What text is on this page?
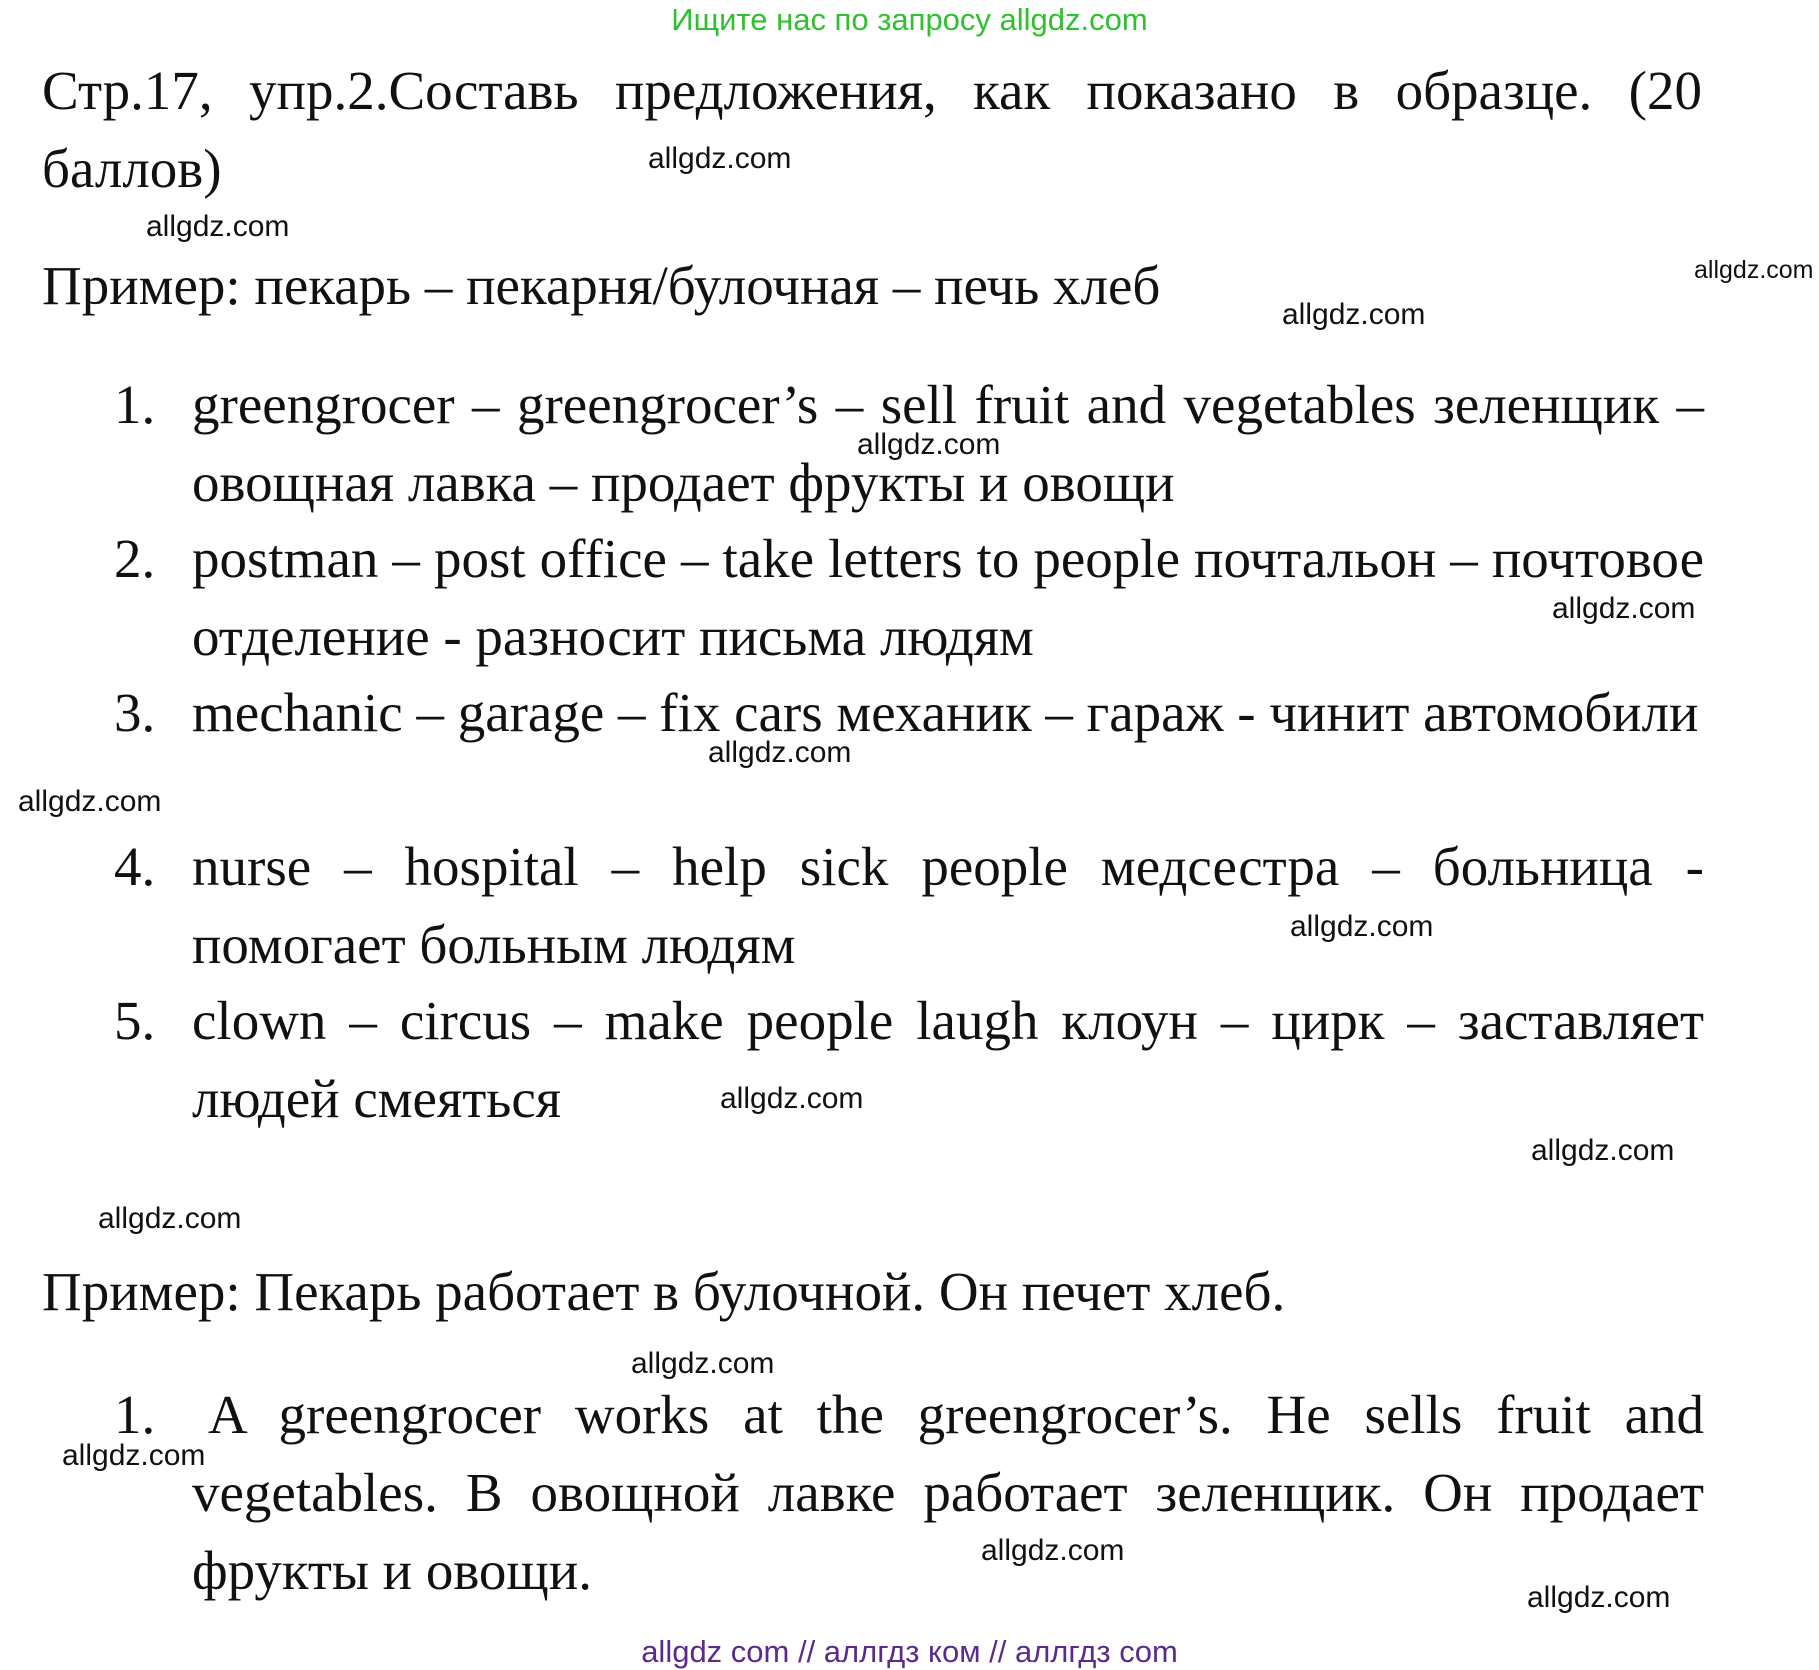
Ищите нас по запросу allgdz.com
Стр.17, упр.2.Составь предложения, как показано в образце. (20 баллов)
Пример: пекарь – пекарня/булочная – печь хлеб
1. greengrocer – greengrocer’s – sell fruit and vegetables зеленщик – овощная лавка – продает фрукты и овощи
2. postman – post office – take letters to people почтальон – почтовое отделение - разносит письма людям
3. mechanic – garage – fix cars механик – гараж - чинит автомобили
4. nurse – hospital – help sick people медсестра – больница - помогает больным людям
5. clown – circus – make people laugh клоун – цирк – заставляет людей смеяться
Пример: Пекарь работает в булочной. Он печет хлеб.
1. A greengrocer works at the greengrocer’s. He sells fruit and vegetables. В овощной лавке работает зеленщик. Он продает фрукты и овощи.
allgdz.com
allgdz.com
allgdz.com
allgdz.com
allgdz.com
allgdz.com
allgdz.com
allgdz.com
allgdz.com
allgdz.com
allgdz.com
allgdz.com
allgdz.com
allgdz.com
allgdz.com
allgdz.com
allgdz com // аллгдз ком // аллгдз com
